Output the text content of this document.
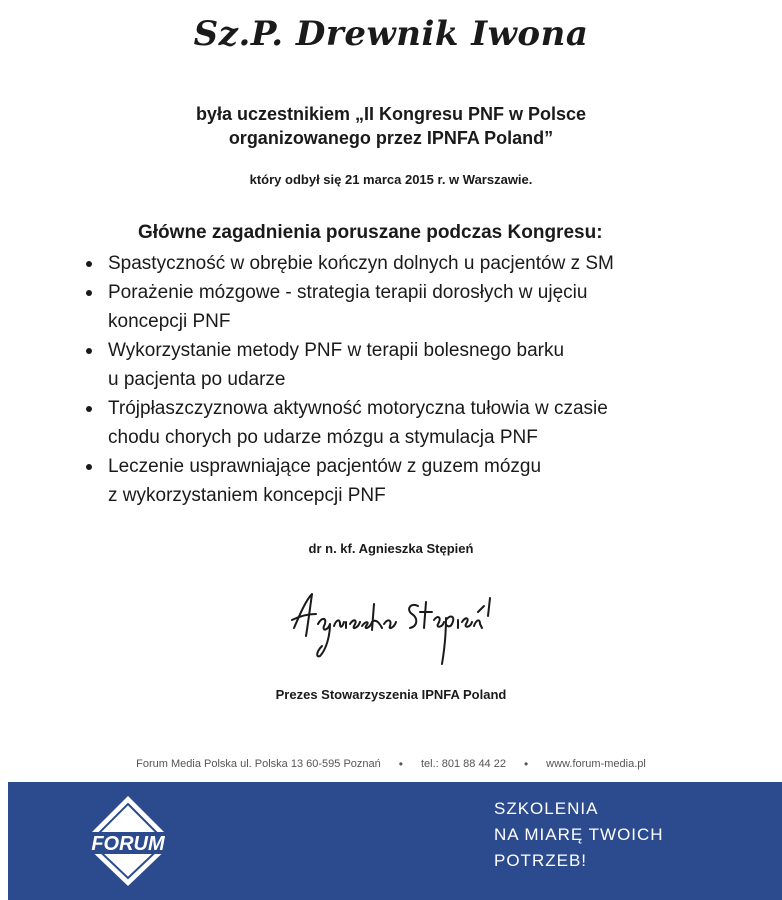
Sz.P. Drewnik Iwona
była uczestnikiem „II Kongresu PNF w Polsce
organizowanego przez IPNFA Poland”
który odbył się 21 marca 2015 r. w Warszawie.
Główne zagadnienia poruszane podczas Kongresu:
Spastyczność w obrębie kończyn dolnych u pacjentów z SM
Porażenie mózgowe - strategia terapii dorosłych w ujęciu
koncepcji PNF
Wykorzystanie metody PNF w terapii bolesnego barku
u pacjenta po udarze
Trójpłaszczyznowa aktywność motoryczna tułowia w czasie
chodu chorych po udarze mózgu a stymulacja PNF
Leczenie usprawniające pacjentów z guzem mózgu
z wykorzystaniem koncepcji PNF
dr n. kf. Agnieszka Stępień
Prezes Stowarzyszenia IPNFA Poland
Forum Media Polska ul. Polska 13 60-595 Poznań • tel.: 801 88 44 22 • www.forum-media.pl
FORUM
SZKOLENIA
NA MIARĘ TWOICH
POTRZEB!
